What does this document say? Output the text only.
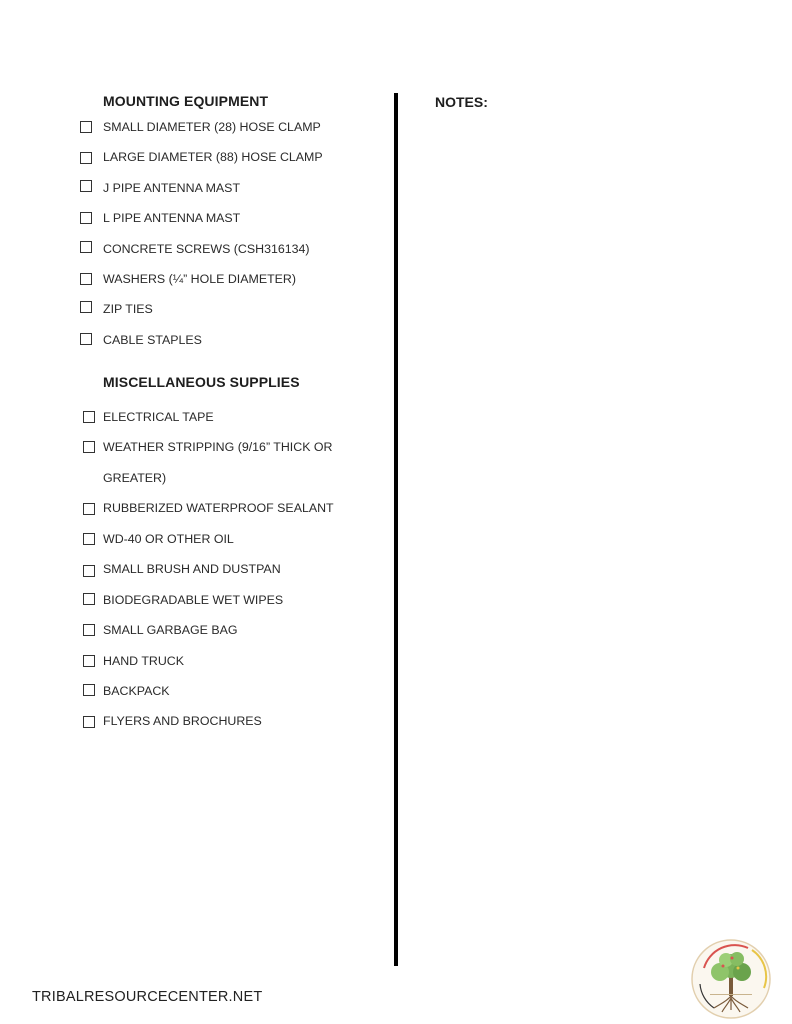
MOUNTING EQUIPMENT
SMALL DIAMETER (28) HOSE CLAMP
LARGE DIAMETER (88) HOSE CLAMP
J PIPE ANTENNA MAST
L PIPE ANTENNA MAST
CONCRETE SCREWS (CSH316134)
WASHERS (¼” HOLE DIAMETER)
ZIP TIES
CABLE STAPLES
MISCELLANEOUS SUPPLIES
ELECTRICAL TAPE
WEATHER STRIPPING (9/16” THICK OR
GREATER)
RUBBERIZED WATERPROOF SEALANT
WD-40 OR OTHER OIL
SMALL BRUSH AND DUSTPAN
BIODEGRADABLE WET WIPES
SMALL GARBAGE BAG
HAND TRUCK
BACKPACK
FLYERS AND BROCHURES
NOTES:
TRIBALRESOURCECENTER.NET
